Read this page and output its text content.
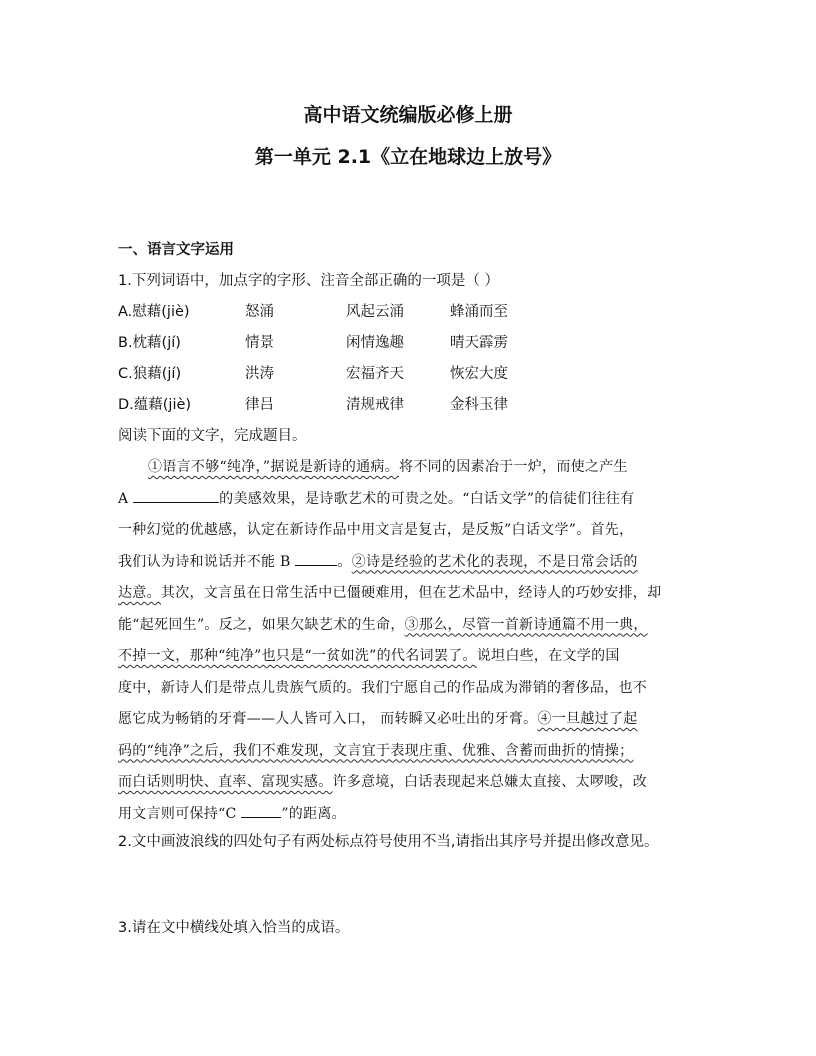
高中语文统编版必修上册
第一单元 2.1《立在地球边上放号》
一、语言文字运用
1.下列词语中，加点字的字形、注音全部正确的一项是（ ）
A.慰藉(jiè)	怒涌	风起云涌	蜂涌而至
B.枕藉(jí)	情景	闲情逸趣	晴天霹雳
C.狼藉(jí)	洪涛	宏福齐天	恢宏大度
D.蕴藉(jiè)	律吕	清规戒律	金科玉律
阅读下面的文字，完成题目。
①语言不够“纯净，”据说是新诗的通病。将不同的因素冶于一炉，而使之产生
A	的美感效果，是诗歌艺术的可贵之处。“白话文学”的信徒们往往有
一种幻觉的优越感，认定在新诗作品中用文言是复古，是反叛”白话文学”。首先，
我们认为诗和说话并不能 B	。②诗是经验的艺术化的表现，不是日常会话的
达意。其次，文言虽在日常生活中已僵硬难用，但在艺术品中，经诗人的巧妙安排，却
能“起死回生”。反之，如果欠缺艺术的生命，③那么，尽管一首新诗通篇不用一典，
不掉一文，那种“纯净”也只是“一贫如洗”的代名词罢了。说坦白些，在文学的国
度中，新诗人们是带点儿贵族气质的。我们宁愿自己的作品成为滞销的奢侈品，也不
愿它成为畅销的牙膏——人人皆可入口， 而转瞬又必吐出的牙膏。④一旦越过了起
码的“纯净”之后，我们不难发现，文言宜于表现庄重、优雅、含蓄而曲折的情操；
而白话则明快、直率、富现实感。许多意境，白话表现起来总嫌太直接、太啰唆，改
用文言则可保持“C	”的距离。
2.文中画波浪线的四处句子有两处标点符号使用不当,请指出其序号并提出修改意见。
3.请在文中横线处填入恰当的成语。
